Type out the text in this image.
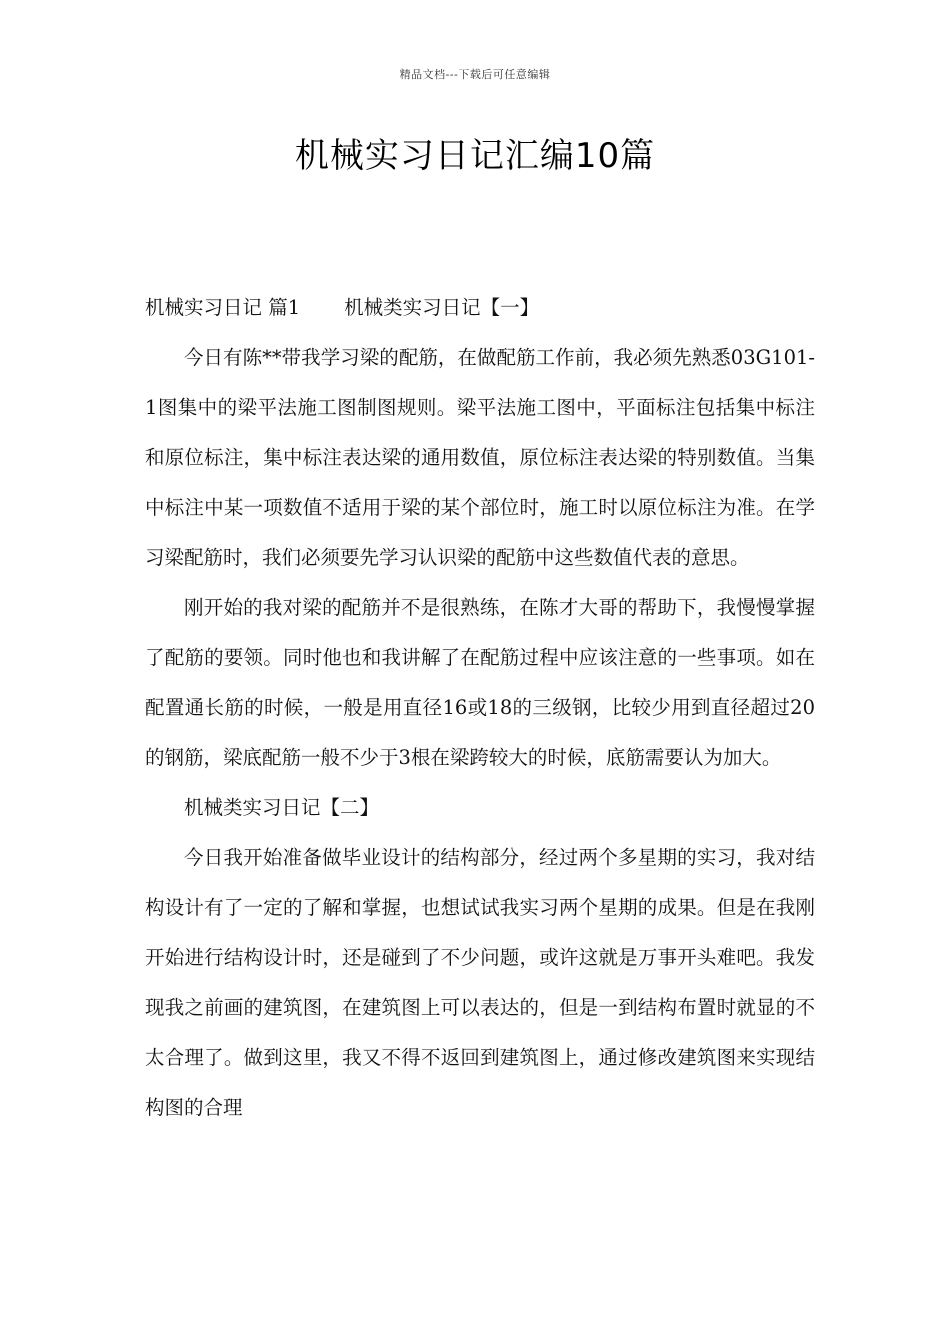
精品文档---下载后可任意编辑
机械实习日记汇编10篇

机械实习日记 篇1 机械类实习日记【一】

今日有陈**带我学习梁的配筋，在做配筋工作前，我必须先熟悉03G101-1图集中的梁平法施工图制图规则。梁平法施工图中，平面标注包括集中标注和原位标注，集中标注表达梁的通用数值，原位标注表达梁的特别数值。当集中标注中某一项数值不适用于梁的某个部位时，施工时以原位标注为准。在学习梁配筋时，我们必须要先学习认识梁的配筋中这些数值代表的意思。

刚开始的我对梁的配筋并不是很熟练，在陈才大哥的帮助下，我慢慢掌握了配筋的要领。同时他也和我讲解了在配筋过程中应该注意的一些事项。如在配置通长筋的时候，一般是用直径16或18的三级钢，比较少用到直径超过20的钢筋，梁底配筋一般不少于3根在梁跨较大的时候，底筋需要认为加大。

机械类实习日记【二】

今日我开始准备做毕业设计的结构部分，经过两个多星期的实习，我对结构设计有了一定的了解和掌握，也想试试我实习两个星期的成果。但是在我刚开始进行结构设计时，还是碰到了不少问题，或许这就是万事开头难吧。我发现我之前画的建筑图，在建筑图上可以表达的，但是一到结构布置时就显的不太合理了。做到这里，我又不得不返回到建筑图上，通过修改建筑图来实现结构图的合理
